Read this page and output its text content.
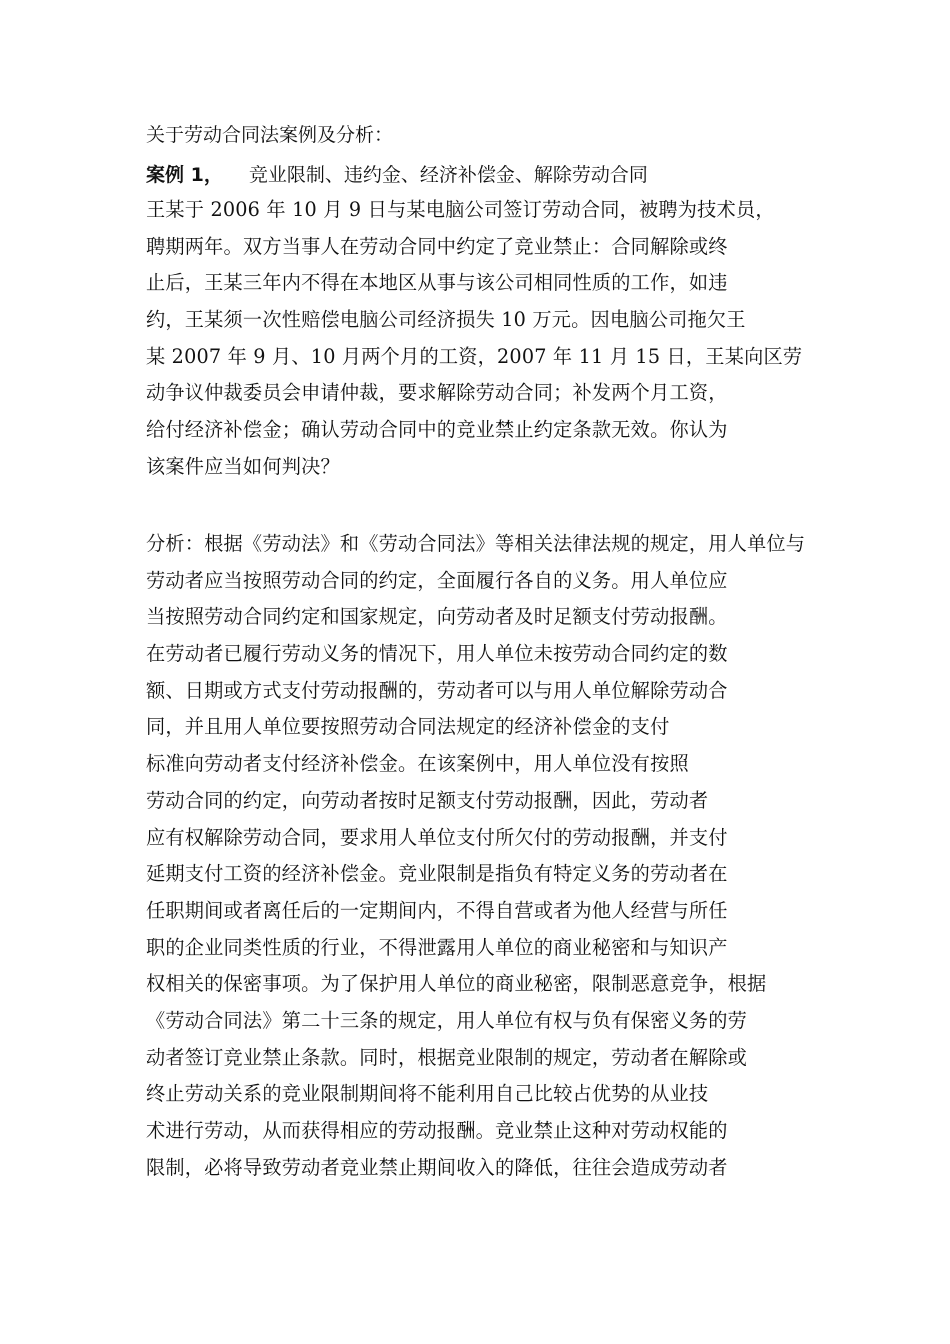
关于劳动合同法案例及分析：
案例 1， 竞业限制、违约金、经济补偿金、解除劳动合同
王某于 2006 年 10 月 9 日与某电脑公司签订劳动合同，被聘为技术员，
聘期两年。双方当事人在劳动合同中约定了竞业禁止：合同解除或终
止后，王某三年内不得在本地区从事与该公司相同性质的工作，如违
约，王某须一次性赔偿电脑公司经济损失 10 万元。因电脑公司拖欠王
某 2007 年 9 月、10 月两个月的工资，2007 年 11 月 15 日，王某向区劳
动争议仲裁委员会申请仲裁，要求解除劳动合同；补发两个月工资，
给付经济补偿金；确认劳动合同中的竞业禁止约定条款无效。你认为
该案件应当如何判决？
分析：根据《劳动法》和《劳动合同法》等相关法律法规的规定，用人单位与
劳动者应当按照劳动合同的约定，全面履行各自的义务。用人单位应
当按照劳动合同约定和国家规定，向劳动者及时足额支付劳动报酬。
在劳动者已履行劳动义务的情况下，用人单位未按劳动合同约定的数
额、日期或方式支付劳动报酬的，劳动者可以与用人单位解除劳动合
同，并且用人单位要按照劳动合同法规定的经济补偿金的支付
标准向劳动者支付经济补偿金。在该案例中，用人单位没有按照
劳动合同的约定，向劳动者按时足额支付劳动报酬，因此，劳动者
应有权解除劳动合同，要求用人单位支付所欠付的劳动报酬，并支付
延期支付工资的经济补偿金。竞业限制是指负有特定义务的劳动者在
任职期间或者离任后的一定期间内，不得自营或者为他人经营与所任
职的企业同类性质的行业，不得泄露用人单位的商业秘密和与知识产
权相关的保密事项。为了保护用人单位的商业秘密，限制恶意竞争，根据
《劳动合同法》第二十三条的规定，用人单位有权与负有保密义务的劳
动者签订竞业禁止条款。同时，根据竞业限制的规定，劳动者在解除或
终止劳动关系的竞业限制期间将不能利用自己比较占优势的从业技
术进行劳动，从而获得相应的劳动报酬。竞业禁止这种对劳动权能的
限制，必将导致劳动者竞业禁止期间收入的降低，往往会造成劳动者
